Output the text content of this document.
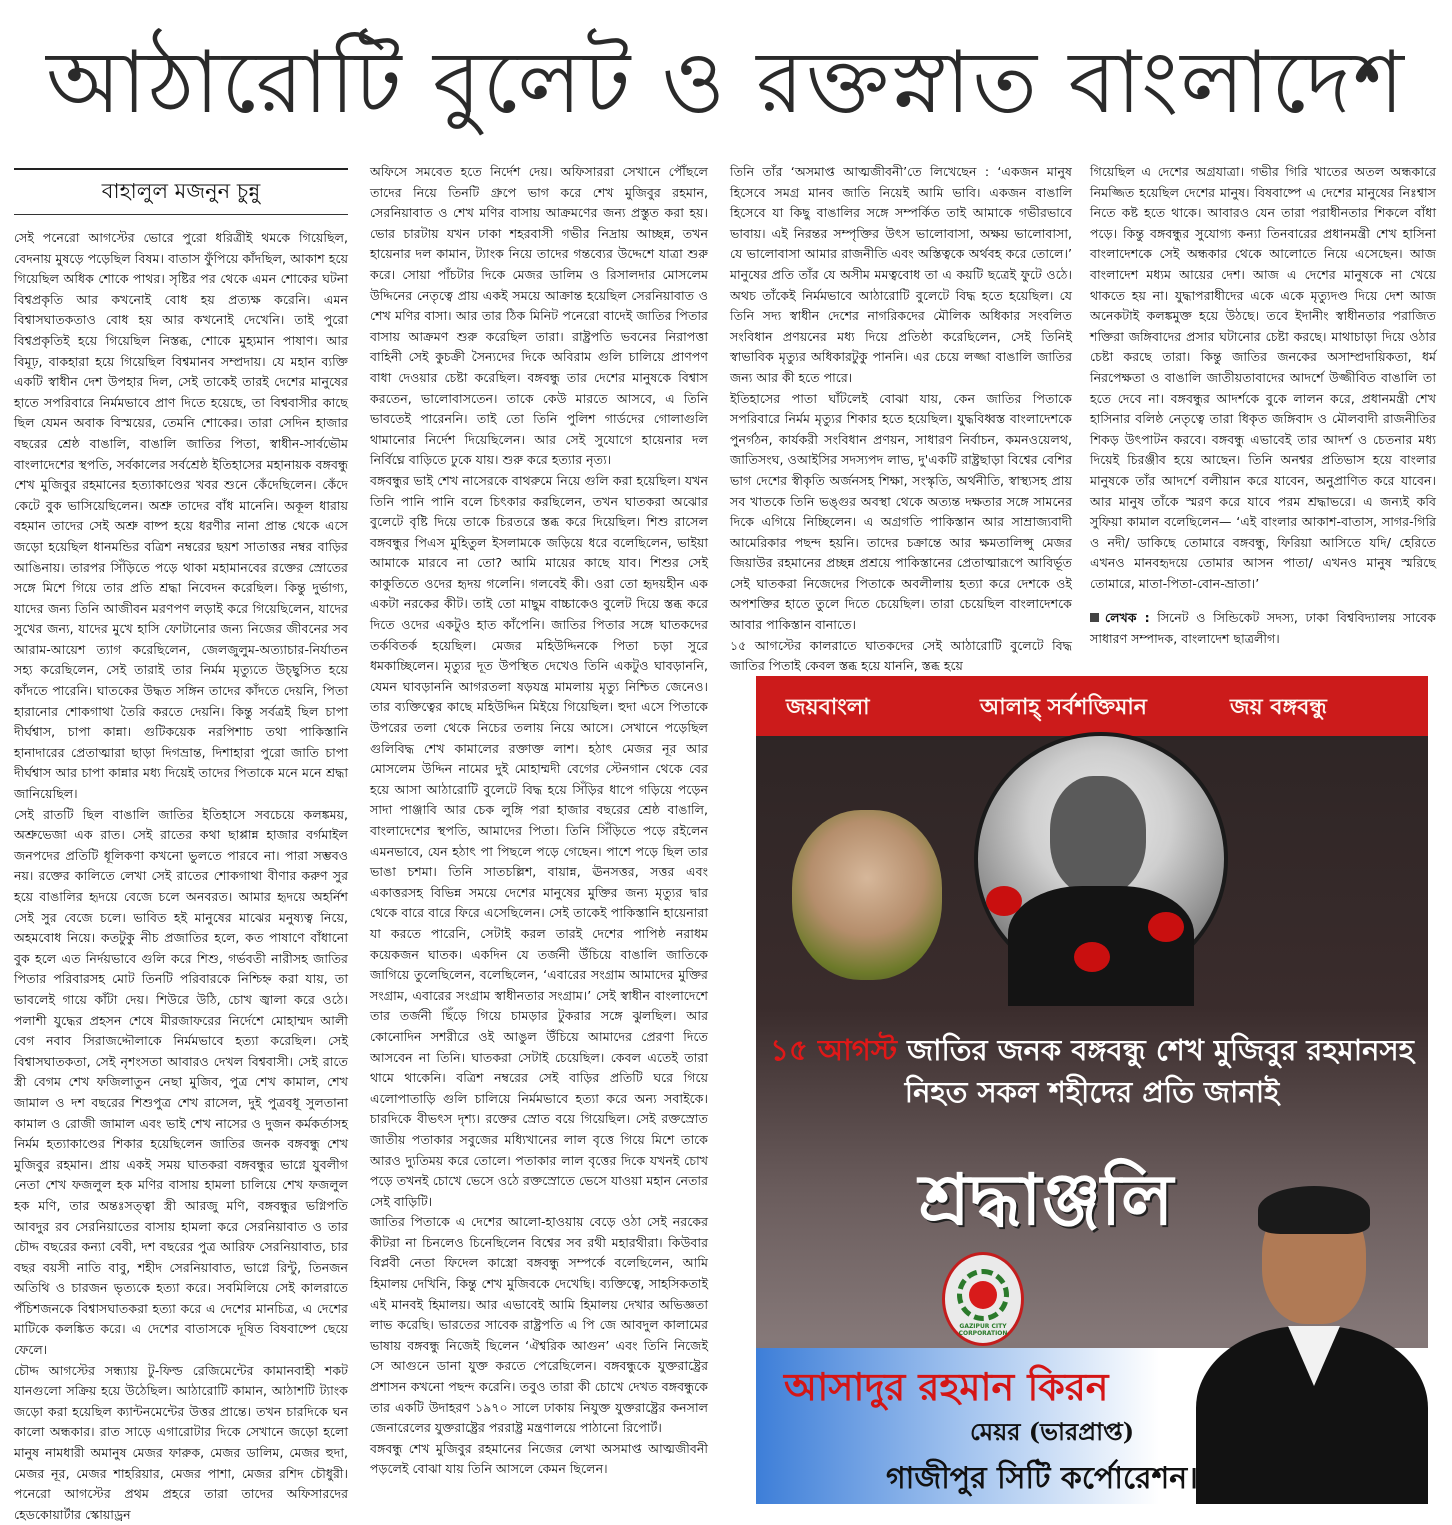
আঠারোটি বুলেট ও রক্তস্নাত বাংলাদেশ
বাহালুল মজনুন চুন্নু

সেই পনেরো আগস্টের ভোরে পুরো ধরিত্রীই থমকে গিয়েছিল, বেদনায় মুষড়ে পড়েছিল বিষম। বাতাস ফুঁপিয়ে কাঁদছিল, আকাশ হয়ে গিয়েছিল অধিক শোকে পাথর। সৃষ্টির পর থেকে এমন শোকের ঘটনা বিশ্বপ্রকৃতি আর কখনোই বোধ হয় প্রত্যক্ষ করেনি। এমন বিশ্বাসঘাতকতাও বোধ হয় আর কখনোই দেখেনি। তাই পুরো বিশ্বপ্রকৃতিই হয়ে গিয়েছিল নিস্তব্ধ, শোকে মুহ্যমান পাষাণ। আর বিমূঢ়, বাকহারা হয়ে গিয়েছিল বিশ্বমানব সম্প্রদায়। যে মহান ব্যক্তি একটি স্বাধীন দেশ উপহার দিল, সেই তাকেই তারই দেশের মানুষের হাতে সপরিবারে নির্মমভাবে প্রাণ দিতে হয়েছে, তা বিশ্ববাসীর কাছে ছিল যেমন অবাক বিস্ময়ের, তেমনি শোকের। তারা সেদিন হাজার বছরের শ্রেষ্ঠ বাঙালি, বাঙালি জাতির পিতা, স্বাধীন-সার্বভৌম বাংলাদেশের স্থপতি, সর্বকালের সর্বশ্রেষ্ঠ ইতিহাসের মহানায়ক বঙ্গবন্ধু শেখ মুজিবুর রহমানের হত্যাকাণ্ডের খবর শুনে কেঁদেছিলেন। কেঁদে কেটে বুক ভাসিয়েছিলেন। অশ্রু তাদের বাঁধ মানেনি। অকূল ধারায় বহমান তাদের সেই অশ্রু বাষ্প হয়ে ধরণীর নানা প্রান্ত থেকে এসে জড়ো হয়েছিল ধানমন্ডির বত্রিশ নম্বরের ছয়শ সাতাত্তর নম্বর বাড়ির আঙিনায়। তারপর সিঁড়িতে পড়ে থাকা মহামানবের রক্তের স্রোতের সঙ্গে মিশে গিয়ে তার প্রতি শ্রদ্ধা নিবেদন করেছিল। কিন্তু দুর্ভাগ্য, যাদের জন্য তিনি আজীবন মরণপণ লড়াই করে গিয়েছিলেন, যাদের সুখের জন্য, যাদের মুখে হাসি ফোটানোর জন্য নিজের জীবনের সব আরাম-আয়েশ ত্যাগ করেছিলেন, জেলজুলুম-অত্যাচার-নির্যাতন সহ্য করেছিলেন, সেই তারাই তার নির্মম মৃত্যুতে উচ্ছ্বসিত হয়ে কাঁদতে পারেনি। ঘাতকের উদ্ধত সঙ্গিন তাদের কাঁদতে দেয়নি, পিতা হারানোর শোকগাথা তৈরি করতে দেয়নি। কিন্তু সর্বত্রই ছিল চাপা দীর্ঘশ্বাস, চাপা কান্না। গুটিকয়েক নরপিশাচ তথা পাকিস্তানি হানাদারের প্রেতাত্মারা ছাড়া দিগভ্রান্ত, দিশাহারা পুরো জাতি চাপা দীর্ঘশ্বাস আর চাপা কান্নার মধ্য দিয়েই তাদের পিতাকে মনে মনে শ্রদ্ধা জানিয়েছিল।

সেই রাতটি ছিল বাঙালি জাতির ইতিহাসে সবচেয়ে কলঙ্কময়, অশ্রুভেজা এক রাত। সেই রাতের কথা ছাপ্পান্ন হাজার বর্গমাইল জনপদের প্রতিটি ধূলিকণা কখনো ভুলতে পারবে না। পারা সম্ভবও নয়। রক্তের কালিতে লেখা সেই রাতের শোকগাথা বীণার করুণ সুর হয়ে বাঙালির হৃদয়ে বেজে চলে অনবরত। আমার হৃদয়ে অহর্নিশ সেই সুর বেজে চলে। ভাবিত হই মানুষের মাঝের মনুষ্যত্ব নিয়ে, অহমবোধ নিয়ে। কতটুকু নীচ প্রজাতির হলে, কত পাষাণে বাঁধানো বুক হলে এত নির্দয়ভাবে গুলি করে শিশু, গর্ভবতী নারীসহ জাতির পিতার পরিবারসহ মোট তিনটি পরিবারকে নিশ্চিহ্ন করা যায়, তা ভাবলেই গায়ে কাঁটা দেয়। শিউরে উঠি, চোখ জ্বালা করে ওঠে। পলাশী যুদ্ধের প্রহসন শেষে মীরজাফরের নির্দেশে মোহাম্মদ আলী বেগ নবাব সিরাজদ্দৌলাকে নির্মমভাবে হত্যা করেছিল। সেই বিশ্বাসঘাতকতা, সেই নৃশংসতা আবারও দেখল বিশ্ববাসী। সেই রাতে স্ত্রী বেগম শেখ ফজিলাতুন নেছা মুজিব, পুত্র শেখ কামাল, শেখ জামাল ও দশ বছরের শিশুপুত্র শেখ রাসেল, দুই পুত্রবধূ সুলতানা কামাল ও রোজী জামাল এবং ভাই শেখ নাসের ও দুজন কর্মকর্তাসহ নির্মম হত্যাকাণ্ডের শিকার হয়েছিলেন জাতির জনক বঙ্গবন্ধু শেখ মুজিবুর রহমান। প্রায় একই সময় ঘাতকরা বঙ্গবন্ধুর ভাগ্নে যুবলীগ নেতা শেখ ফজলুল হক মণির বাসায় হামলা চালিয়ে শেখ ফজলুল হক মণি, তার অন্তঃসত্ত্বা স্ত্রী আরজু মণি, বঙ্গবন্ধুর ভগ্নিপতি আবদুর রব সেরনিয়াতের বাসায় হামলা করে সেরনিয়াবাত ও তার চৌদ্দ বছরের কন্যা বেবী, দশ বছরের পুত্র আরিফ সেরনিয়াবাত, চার বছর বয়সী নাতি বাবু, শহীদ সেরনিয়াবাত, ভাগ্নে রিন্টু, তিনজন অতিথি ও চারজন ভৃত্যকে হত্যা করে। সবমিলিয়ে সেই কালরাতে পঁচিশজনকে বিশ্বাসঘাতকরা হত্যা করে এ দেশের মানচিত্র, এ দেশের মাটিকে কলঙ্কিত করে। এ দেশের বাতাসকে দূষিত বিষবাষ্পে ছেয়ে ফেলে।

চৌদ্দ আগস্টের সন্ধ্যায় টু-ফিল্ড রেজিমেন্টের কামানবাহী শকট যানগুলো সক্রিয় হয়ে উঠেছিল। আঠারোটি কামান, আঠাশটি ট্যাংক জড়ো করা হয়েছিল ক্যান্টনমেন্টের উত্তর প্রান্তে। তখন চারদিকে ঘন কালো অন্ধকার। রাত সাড়ে এগারোটার দিকে সেখানে জড়ো হলো মানুষ নামধারী অমানুষ মেজর ফারুক, মেজর ডালিম, মেজর হুদা, মেজর নূর, মেজর শাহরিয়ার, মেজর পাশা, মেজর রশিদ চৌধুরী। পনেরো আগস্টের প্রথম প্রহরে তারা তাদের অফিসারদের হেডকোয়ার্টার স্কোয়াড্রন

অফিসে সমবেত হতে নির্দেশ দেয়। অফিসাররা সেখানে পৌঁছলে তাদের নিয়ে তিনটি গ্রুপে ভাগ করে শেখ মুজিবুর রহমান, সেরনিয়াবাত ও শেখ মণির বাসায় আক্রমণের জন্য প্রস্তুত করা হয়। ভোর চারটায় যখন ঢাকা শহরবাসী গভীর নিদ্রায় আচ্ছন্ন, তখন হায়েনার দল কামান, ট্যাংক নিয়ে তাদের গন্তব্যের উদ্দেশে যাত্রা শুরু করে। সোয়া পাঁচটার দিকে মেজর ডালিম ও রিসালদার মোসলেম উদ্দিনের নেতৃত্বে প্রায় একই সময়ে আক্রান্ত হয়েছিল সেরনিয়াবাত ও শেখ মণির বাসা। আর তার ঠিক মিনিট পনেরো বাদেই জাতির পিতার বাসায় আক্রমণ শুরু করেছিল তারা। রাষ্ট্রপতি ভবনের নিরাপত্তা বাহিনী সেই কুচক্রী সৈন্যদের দিকে অবিরাম গুলি চালিয়ে প্রাণপণ বাধা দেওয়ার চেষ্টা করেছিল। বঙ্গবন্ধু তার দেশের মানুষকে বিশ্বাস করতেন, ভালোবাসতেন। তাকে কেউ মারতে আসবে, এ তিনি ভাবতেই পারেননি। তাই তো তিনি পুলিশ গার্ডদের গোলাগুলি থামানোর নির্দেশ দিয়েছিলেন। আর সেই সুযোগে হায়েনার দল নির্বিঘ্নে বাড়িতে ঢুকে যায়। শুরু করে হত্যার নৃত্য।

বঙ্গবন্ধুর ভাই শেখ নাসেরকে বাথরুমে নিয়ে গুলি করা হয়েছিল। যখন তিনি পানি পানি বলে চিৎকার করছিলেন, তখন ঘাতকরা অঝোর বুলেটে বৃষ্টি দিয়ে তাকে চিরতরে স্তব্ধ করে দিয়েছিল। শিশু রাসেল বঙ্গবন্ধুর পিএস মুহিতুল ইসলামকে জড়িয়ে ধরে বলেছিলেন, ভাইয়া আমাকে মারবে না তো? আমি মায়ের কাছে যাব। শিশুর সেই কাকুতিতে ওদের হৃদয় গলেনি। গলবেই কী। ওরা তো হৃদয়হীন এক একটা নরকের কীট। তাই তো মাছুম বাচ্চাকেও বুলেট দিয়ে স্তব্ধ করে দিতে ওদের একটুও হাত কাঁপেনি। জাতির পিতার সঙ্গে ঘাতকদের তর্কবিতর্ক হয়েছিল। মেজর মহিউদ্দিনকে পিতা চড়া সুরে ধমকাচ্ছিলেন। মৃত্যুর দূত উপস্থিত দেখেও তিনি একটুও ঘাবড়াননি, যেমন ঘাবড়াননি আগরতলা ষড়যন্ত্র মামলায় মৃত্যু নিশ্চিত জেনেও। তার ব্যক্তিত্বের কাছে মহিউদ্দিন মিইয়ে গিয়েছিল। হুদা এসে পিতাকে উপরের তলা থেকে নিচের তলায় নিয়ে আসে। সেখানে পড়েছিল গুলিবিদ্ধ শেখ কামালের রক্তাক্ত লাশ। হঠাৎ মেজর নূর আর মোসলেম উদ্দিন নামের দুই মোহাম্মদী বেগের স্টেনগান থেকে বের হয়ে আসা আঠারোটি বুলেটে বিদ্ধ হয়ে সিঁড়ির ধাপে গড়িয়ে পড়েন সাদা পাঞ্জাবি আর চেক লুঙ্গি পরা হাজার বছরের শ্রেষ্ঠ বাঙালি, বাংলাদেশের স্থপতি, আমাদের পিতা। তিনি সিঁড়িতে পড়ে রইলেন এমনভাবে, যেন হঠাৎ পা পিছলে পড়ে গেছেন। পাশে পড়ে ছিল তার ভাঙা চশমা। তিনি সাতচল্লিশ, বায়ান্ন, ঊনসত্তর, সত্তর এবং একাত্তরসহ বিভিন্ন সময়ে দেশের মানুষের মুক্তির জন্য মৃত্যুর দ্বার থেকে বারে বারে ফিরে এসেছিলেন। সেই তাকেই পাকিস্তানি হায়েনারা যা করতে পারেনি, সেটাই করল তারই দেশের পাপিষ্ঠ নরাধম কয়েকজন ঘাতক। একদিন যে তর্জনী উঁচিয়ে বাঙালি জাতিকে জাগিয়ে তুলেছিলেন, বলেছিলেন, ‘এবারের সংগ্রাম আমাদের মুক্তির সংগ্রাম, এবারের সংগ্রাম স্বাধীনতার সংগ্রাম।’ সেই স্বাধীন বাংলাদেশে তার তর্জনী ছিঁড়ে গিয়ে চামড়ার টুকরার সঙ্গে ঝুলছিল। আর কোনোদিন সশরীরে ওই আঙুল উঁচিয়ে আমাদের প্রেরণা দিতে আসবেন না তিনি। ঘাতকরা সেটাই চেয়েছিল। কেবল এতেই তারা থামে থাকেনি। বত্রিশ নম্বরের সেই বাড়ির প্রতিটি ঘরে গিয়ে এলোপাতাড়ি গুলি চালিয়ে নির্মমভাবে হত্যা করে অন্য সবাইকে। চারদিকে বীভৎস দৃশ্য। রক্তের স্রোত বয়ে গিয়েছিল। সেই রক্তস্রোত জাতীয় পতাকার সবুজের মধ্যিখানের লাল বৃত্তে গিয়ে মিশে তাকে আরও দ্যুতিময় করে তোলে। পতাকার লাল বৃত্তের দিকে যখনই চোখ পড়ে তখনই চোখে ভেসে ওঠে রক্তস্রোতে ভেসে যাওয়া মহান নেতার সেই বাড়িটি।

জাতির পিতাকে এ দেশের আলো-হাওয়ায় বেড়ে ওঠা সেই নরকের কীটরা না চিনলেও চিনেছিলেন বিশ্বের সব রথী মহারথীরা। কিউবার বিপ্লবী নেতা ফিদেল কাস্ত্রো বঙ্গবন্ধু সম্পর্কে বলেছিলেন, আমি হিমালয় দেখিনি, কিন্তু শেখ মুজিবকে দেখেছি। ব্যক্তিত্বে, সাহসিকতাই এই মানবই হিমালয়। আর এভাবেই আমি হিমালয় দেখার অভিজ্ঞতা লাভ করেছি। ভারতের সাবেক রাষ্ট্রপতি এ পি জে আবদুল কালামের ভাষায় বঙ্গবন্ধু নিজেই ছিলেন ‘ঐশ্বরিক আগুন’ এবং তিনি নিজেই সে আগুনে ডানা যুক্ত করতে পেরেছিলেন। বঙ্গবন্ধুকে যুক্তরাষ্ট্রের প্রশাসন কখনো পছন্দ করেনি। তবুও তারা কী চোখে দেখত বঙ্গবন্ধুকে তার একটি উদাহরণ ১৯৭০ সালে ঢাকায় নিযুক্ত যুক্তরাষ্ট্রের কনসাল জেনারেলের যুক্তরাষ্ট্রের পররাষ্ট্র মন্ত্রণালয়ে পাঠানো রিপোর্ট।

বঙ্গবন্ধু শেখ মুজিবুর রহমানের নিজের লেখা অসমাপ্ত আত্মজীবনী পড়লেই বোঝা যায় তিনি আসলে কেমন ছিলেন।

তিনি তাঁর ‘অসমাপ্ত আত্মজীবনী’তে লিখেছেন : ‘একজন মানুষ হিসেবে সমগ্র মানব জাতি নিয়েই আমি ভাবি। একজন বাঙালি হিসেবে যা কিছু বাঙালির সঙ্গে সম্পর্কিত তাই আমাকে গভীরভাবে ভাবায়। এই নিরন্তর সম্পৃক্তির উৎস ভালোবাসা, অক্ষয় ভালোবাসা, যে ভালোবাসা আমার রাজনীতি এবং অস্তিত্বকে অর্থবহ করে তোলে।’ মানুষের প্রতি তাঁর যে অসীম মমত্ববোধ তা এ কয়টি ছত্রেই ফুটে ওঠে। অথচ তাঁকেই নির্মমভাবে আঠারোটি বুলেটে বিদ্ধ হতে হয়েছিল। যে তিনি সদ্য স্বাধীন দেশের নাগরিকদের মৌলিক অধিকার সংবলিত সংবিধান প্রণয়নের মধ্য দিয়ে প্রতিষ্ঠা করেছিলেন, সেই তিনিই স্বাভাবিক মৃত্যুর অধিকারটুকু পাননি। এর চেয়ে লজ্জা বাঙালি জাতির জন্য আর কী হতে পারে।

ইতিহাসের পাতা ঘাঁটলেই বোঝা যায়, কেন জাতির পিতাকে সপরিবারে নির্মম মৃত্যুর শিকার হতে হয়েছিল। যুদ্ধবিধ্বস্ত বাংলাদেশকে পুনর্গঠন, কার্যকরী সংবিধান প্রণয়ন, সাধারণ নির্বাচন, কমনওয়েলথ, জাতিসংঘ, ওআইসির সদস্যপদ লাভ, দু'একটি রাষ্ট্রছাড়া বিশ্বের বেশির ভাগ দেশের স্বীকৃতি অর্জনসহ শিক্ষা, সংস্কৃতি, অর্থনীতি, স্বাস্থ্যসহ প্রায় সব খাতকে তিনি ভঙ্গুর অবস্থা থেকে অত্যন্ত দক্ষতার সঙ্গে সামনের দিকে এগিয়ে নিচ্ছিলেন। এ অগ্রগতি পাকিস্তান আর সাম্রাজ্যবাদী আমেরিকার পছন্দ হয়নি। তাদের চক্রান্তে আর ক্ষমতালিপ্সু মেজর জিয়াউর রহমানের প্রচ্ছন্ন প্রশ্রয়ে পাকিস্তানের প্রেতাত্মারূপে আবির্ভূত সেই ঘাতকরা নিজেদের পিতাকে অবলীলায় হত্যা করে দেশকে ওই অপশক্তির হাতে তুলে দিতে চেয়েছিল। তারা চেয়েছিল বাংলাদেশকে আবার পাকিস্তান বানাতে।

১৫ আগস্টের কালরাতে ঘাতকদের সেই আঠারোটি বুলেটে বিদ্ধ জাতির পিতাই কেবল স্তব্ধ হয়ে যাননি, স্তব্ধ হয়ে

গিয়েছিল এ দেশের অগ্রযাত্রা। গভীর গিরি খাতের অতল অন্ধকারে নিমজ্জিত হয়েছিল দেশের মানুষ। বিষবাষ্পে এ দেশের মানুষের নিঃশ্বাস নিতে কষ্ট হতে থাকে। আবারও যেন তারা পরাধীনতার শিকলে বাঁধা পড়ে। কিন্তু বঙ্গবন্ধুর সুযোগ্য কন্যা তিনবারের প্রধানমন্ত্রী শেখ হাসিনা বাংলাদেশকে সেই অন্ধকার থেকে আলোতে নিয়ে এসেছেন। আজ বাংলাদেশ মধ্যম আয়ের দেশ। আজ এ দেশের মানুষকে না খেয়ে থাকতে হয় না। যুদ্ধাপরাধীদের একে একে মৃত্যুদণ্ড দিয়ে দেশ আজ অনেকটাই কলঙ্কমুক্ত হয়ে উঠছে। তবে ইদানীং স্বাধীনতার পরাজিত শক্তিরা জঙ্গিবাদের প্রসার ঘটানোর চেষ্টা করছে। মাথাচাড়া দিয়ে ওঠার চেষ্টা করছে তারা। কিন্তু জাতির জনকের অসাম্প্রদায়িকতা, ধর্ম নিরপেক্ষতা ও বাঙালি জাতীয়তাবাদের আদর্শে উজ্জীবিত বাঙালি তা হতে দেবে না। বঙ্গবন্ধুর আদর্শকে বুকে লালন করে, প্রধানমন্ত্রী শেখ হাসিনার বলিষ্ঠ নেতৃত্বে তারা ধিকৃত জঙ্গিবাদ ও মৌলবাদী রাজনীতির শিকড় উৎপাটন করবে। বঙ্গবন্ধু এভাবেই তার আদর্শ ও চেতনার মধ্য দিয়েই চিরঞ্জীব হয়ে আছেন। তিনি অনশ্বর প্রতিভাস হয়ে বাংলার মানুষকে তাঁর আদর্শে বলীয়ান করে যাবেন, অনুপ্রাণিত করে যাবেন। আর মানুষ তাঁকে স্মরণ করে যাবে পরম শ্রদ্ধাভরে। এ জন্যই কবি সুফিয়া কামাল বলেছিলেন— ‘এই বাংলার আকাশ-বাতাস, সাগর-গিরি ও নদী/ ডাকিছে তোমারে বঙ্গবন্ধু, ফিরিয়া আসিতে যদি/ হেরিতে এখনও মানবহৃদয়ে তোমার আসন পাতা/ এখনও মানুষ স্মরিছে তোমারে, মাতা-পিতা-বোন-ভ্রাতা।’

লেখক : সিনেট ও সিন্ডিকেট সদস্য, ঢাকা বিশ্ববিদ্যালয় সাবেক সাধারণ সম্পাদক, বাংলাদেশ ছাত্রলীগ।

জয়বাংলা	আলাহ্‌ সর্বশক্তিমান	জয় বঙ্গবন্ধু
১৫ আগস্ট জাতির জনক বঙ্গবন্ধু শেখ মুজিবুর রহমানসহ
নিহত সকল শহীদের প্রতি জানাই
শ্রদ্ধাঞ্জলি
GAZIPUR CITY CORPORATION
আসাদুর রহমান কিরন
মেয়র (ভারপ্রাপ্ত)
গাজীপুর সিটি কর্পোরেশন।
